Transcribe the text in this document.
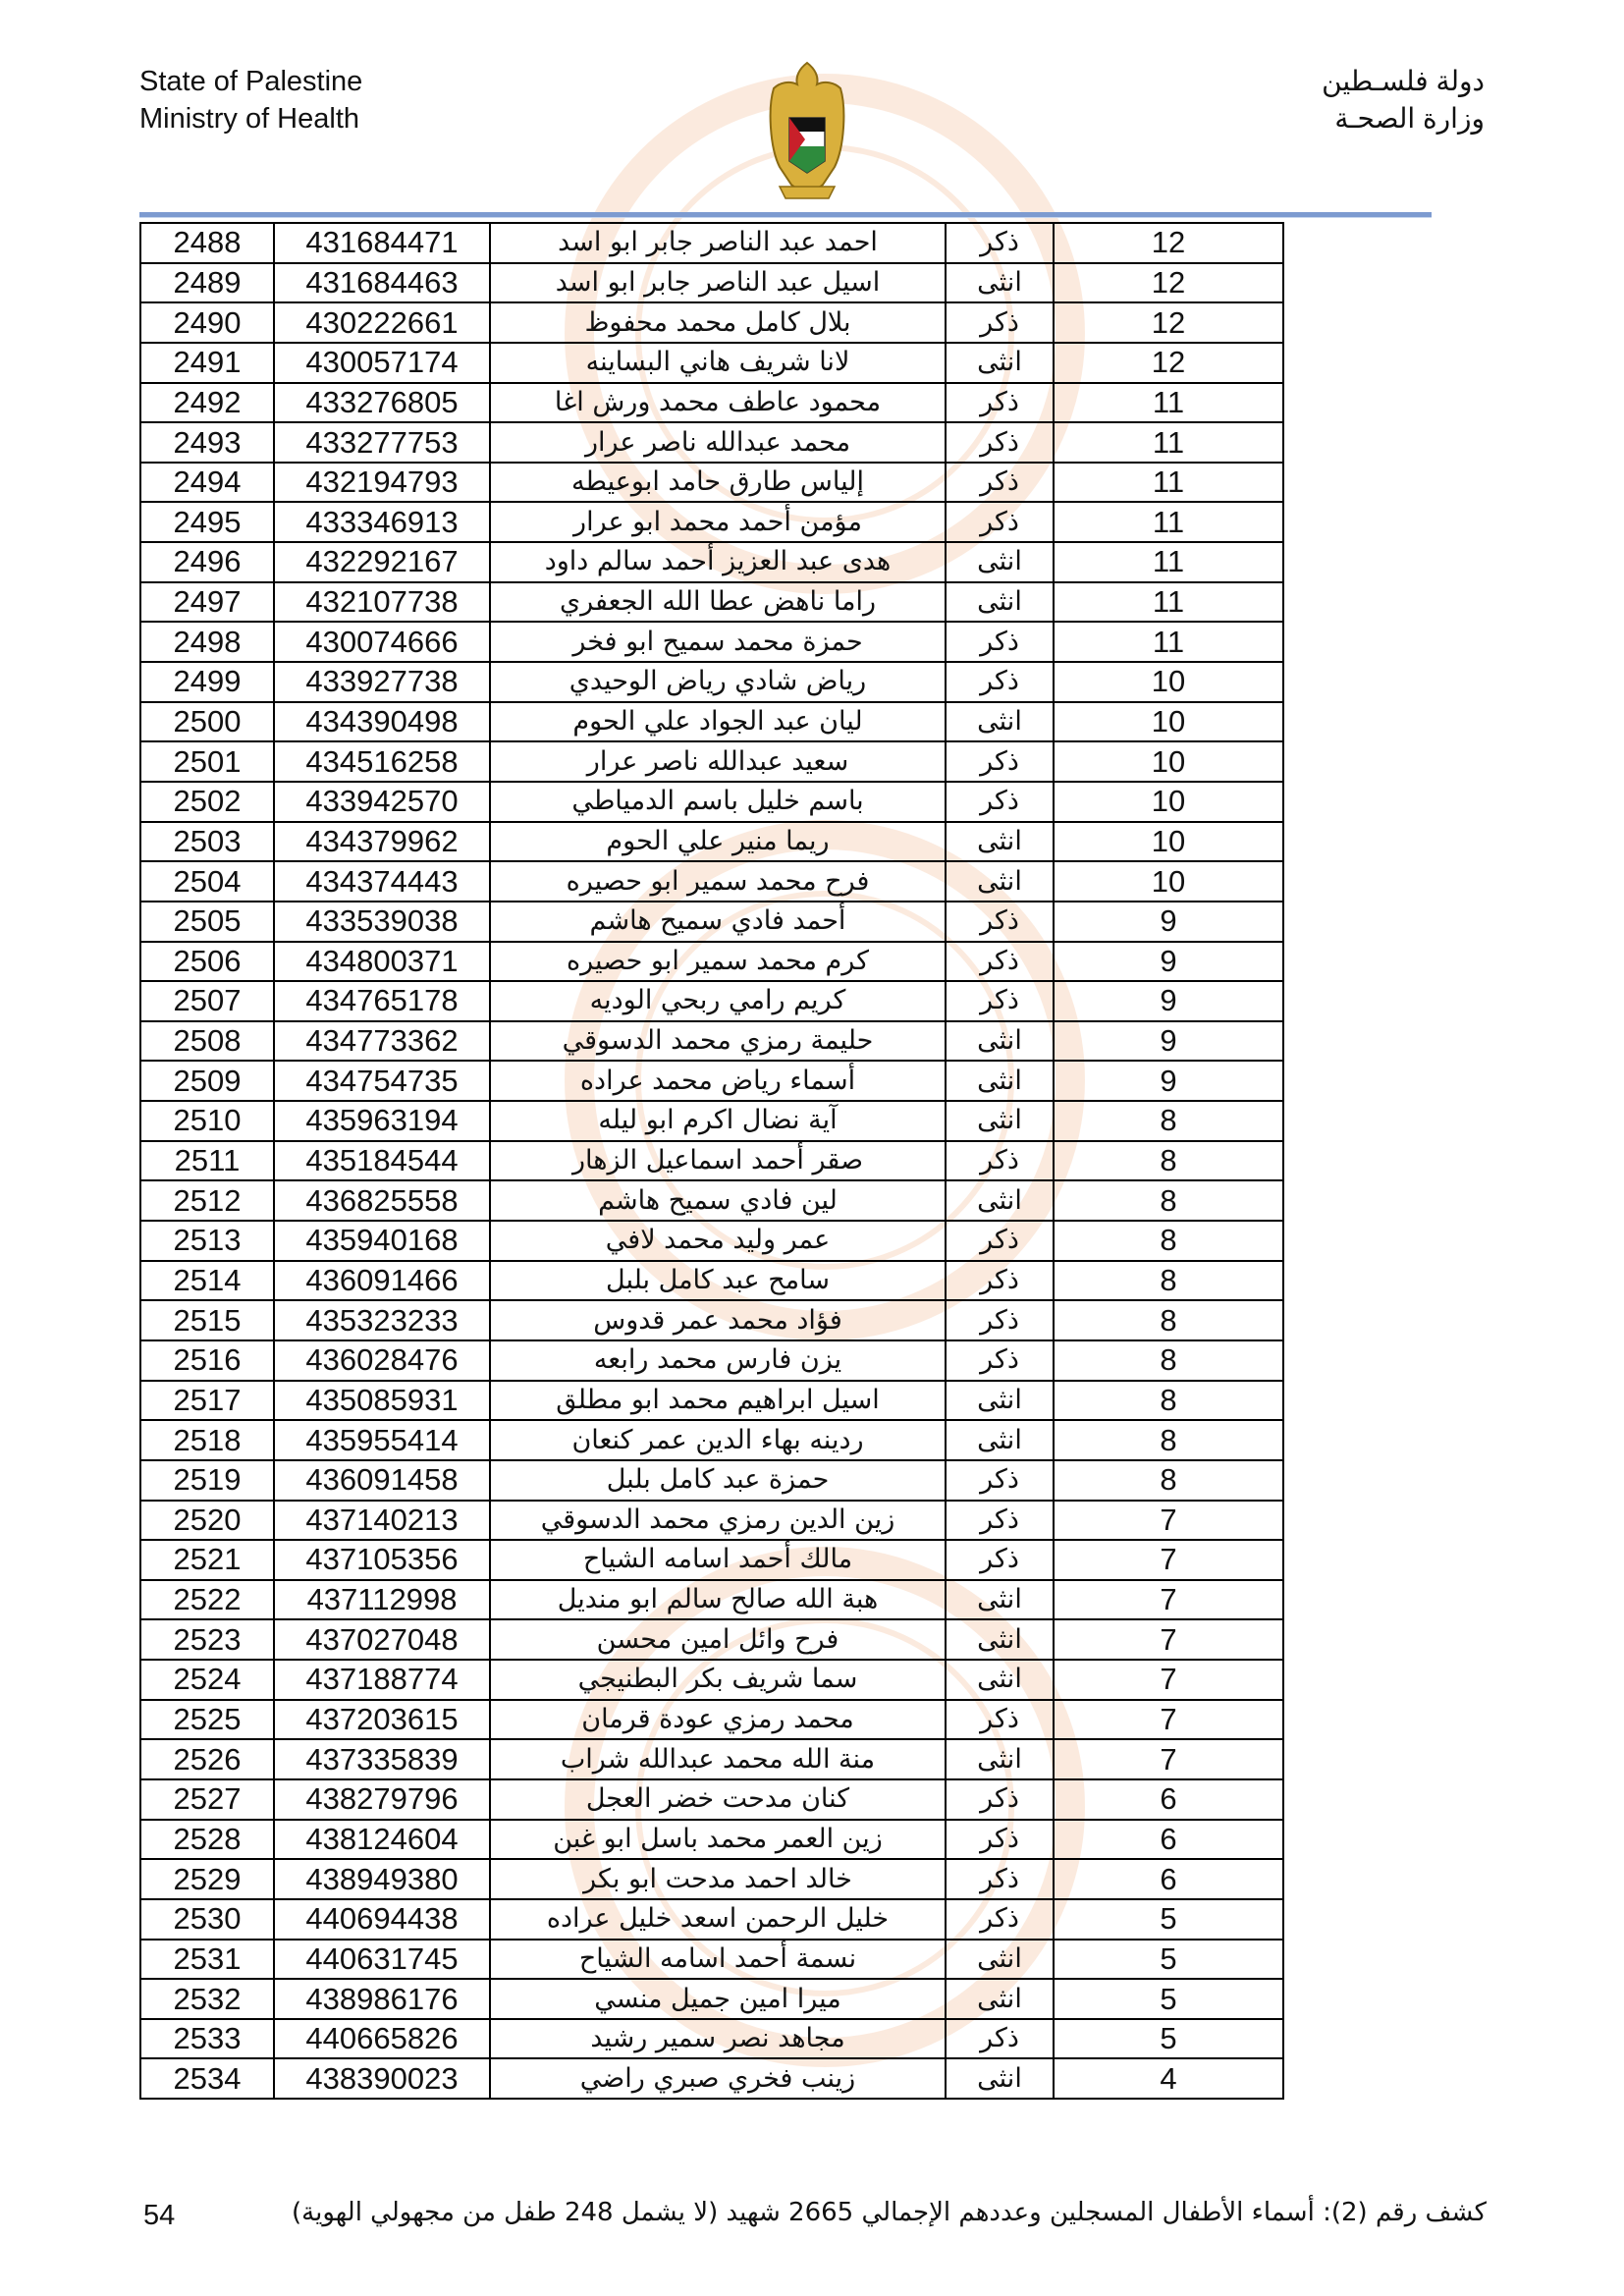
State of Palestine
Ministry of Health
دولة فلسـطين
وزارة الصحـة
2488	431684471	احمد عبد الناصر جابر ابو اسد	ذكر	12
2489	431684463	اسيل عبد الناصر جابر ابو اسد	انثى	12
2490	430222661	بلال كامل محمد محفوظ	ذكر	12
2491	430057174	لانا شريف هاني البساينه	انثى	12
2492	433276805	محمود عاطف محمد ورش اغا	ذكر	11
2493	433277753	محمد عبدالله ناصر عرار	ذكر	11
2494	432194793	إلياس طارق حامد ابوعيطه	ذكر	11
2495	433346913	مؤمن أحمد محمد ابو عرار	ذكر	11
2496	432292167	هدى عبد العزيز أحمد سالم داود	انثى	11
2497	432107738	راما ناهض عطا الله الجعفري	انثى	11
2498	430074666	حمزة محمد سميح ابو فخر	ذكر	11
2499	433927738	رياض شادي رياض الوحيدي	ذكر	10
2500	434390498	ليان عبد الجواد علي الحوم	انثى	10
2501	434516258	سعيد عبدالله ناصر عرار	ذكر	10
2502	433942570	باسم خليل باسم الدمياطي	ذكر	10
2503	434379962	ريما منير علي الحوم	انثى	10
2504	434374443	فرح محمد سمير ابو حصيره	انثى	10
2505	433539038	أحمد فادي سميح هاشم	ذكر	9
2506	434800371	كرم محمد سمير ابو حصيره	ذكر	9
2507	434765178	كريم رامي ربحي الوديه	ذكر	9
2508	434773362	حليمة رمزي محمد الدسوقي	انثى	9
2509	434754735	أسماء رياض محمد عراده	انثى	9
2510	435963194	آية نضال اكرم ابو ليله	انثى	8
2511	435184544	صقر أحمد اسماعيل الزهار	ذكر	8
2512	436825558	لين فادي سميح هاشم	انثى	8
2513	435940168	عمر وليد محمد لافي	ذكر	8
2514	436091466	سامح عبد كامل بلبل	ذكر	8
2515	435323233	فؤاد محمد عمر قدوس	ذكر	8
2516	436028476	يزن فارس محمد رابعه	ذكر	8
2517	435085931	اسيل ابراهيم محمد ابو مطلق	انثى	8
2518	435955414	ردينه بهاء الدين عمر كنعان	انثى	8
2519	436091458	حمزة عبد كامل بلبل	ذكر	8
2520	437140213	زين الدين رمزي محمد الدسوقي	ذكر	7
2521	437105356	مالك أحمد اسامه الشياح	ذكر	7
2522	437112998	هبة الله صالح سالم ابو منديل	انثى	7
2523	437027048	فرح وائل امين محسن	انثى	7
2524	437188774	سما شريف بكر البطنيجي	انثى	7
2525	437203615	محمد رمزي عودة قرمان	ذكر	7
2526	437335839	منة الله محمد عبدالله شراب	انثى	7
2527	438279796	كنان مدحت خضر العجل	ذكر	6
2528	438124604	زين العمر محمد باسل ابو غبن	ذكر	6
2529	438949380	خالد احمد مدحت ابو بكر	ذكر	6
2530	440694438	خليل الرحمن اسعد خليل عراده	ذكر	5
2531	440631745	نسمة أحمد اسامه الشياح	انثى	5
2532	438986176	ميرا امين جميل منسي	انثى	5
2533	440665826	مجاهد نصر سمير رشيد	ذكر	5
2534	438390023	زينب فخري صبري راضي	انثى	4
54	كشف رقم (2): أسماء الأطفال المسجلين وعددهم الإجمالي 2665 شهيد (لا يشمل 248 طفل من مجهولي الهوية)
